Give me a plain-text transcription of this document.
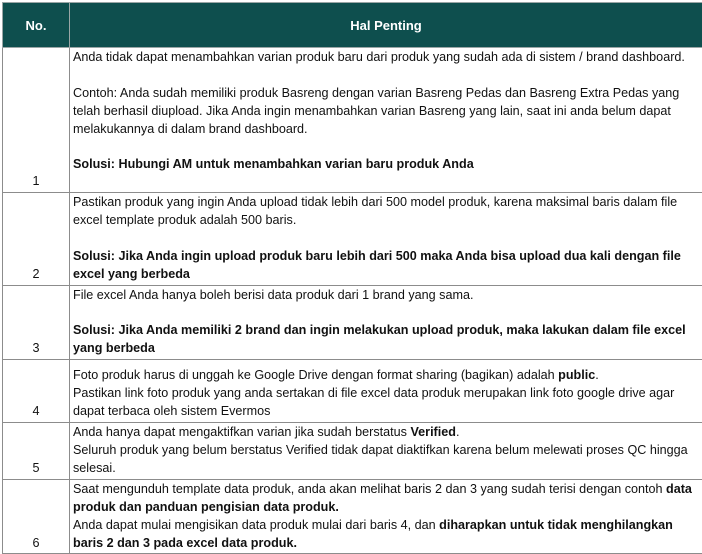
No.	Hal Penting
1	Anda tidak dapat menambahkan varian produk baru dari produk yang sudah ada di sistem / brand dashboard.
Contoh: Anda sudah memiliki produk Basreng dengan varian Basreng Pedas dan Basreng Extra Pedas yang telah berhasil diupload. Jika Anda ingin menambahkan varian Basreng yang lain, saat ini anda belum dapat melakukannya di dalam brand dashboard.
Solusi: Hubungi AM untuk menambahkan varian baru produk Anda

2	Pastikan produk yang ingin Anda upload tidak lebih dari 500 model produk, karena maksimal baris dalam file excel template produk adalah 500 baris.
Solusi: Jika Anda ingin upload produk baru lebih dari 500 maka Anda bisa upload dua kali dengan file excel yang berbeda

3	File excel Anda hanya boleh berisi data produk dari 1 brand yang sama.
Solusi: Jika Anda memiliki 2 brand dan ingin melakukan upload produk, maka lakukan dalam file excel yang berbeda

4	Foto produk harus di unggah ke Google Drive dengan format sharing (bagikan) adalah public.
Pastikan link foto produk yang anda sertakan di file excel data produk merupakan link foto google drive agar dapat terbaca oleh sistem Evermos

5	Anda hanya dapat mengaktifkan varian jika sudah berstatus Verified.
Seluruh produk yang belum berstatus Verified tidak dapat diaktifkan karena belum melewati proses QC hingga selesai.

6	Saat mengunduh template data produk, anda akan melihat baris 2 dan 3 yang sudah terisi dengan contoh data produk dan panduan pengisian data produk.
Anda dapat mulai mengisikan data produk mulai dari baris 4, dan diharapkan untuk tidak menghilangkan baris 2 dan 3 pada excel data produk.
